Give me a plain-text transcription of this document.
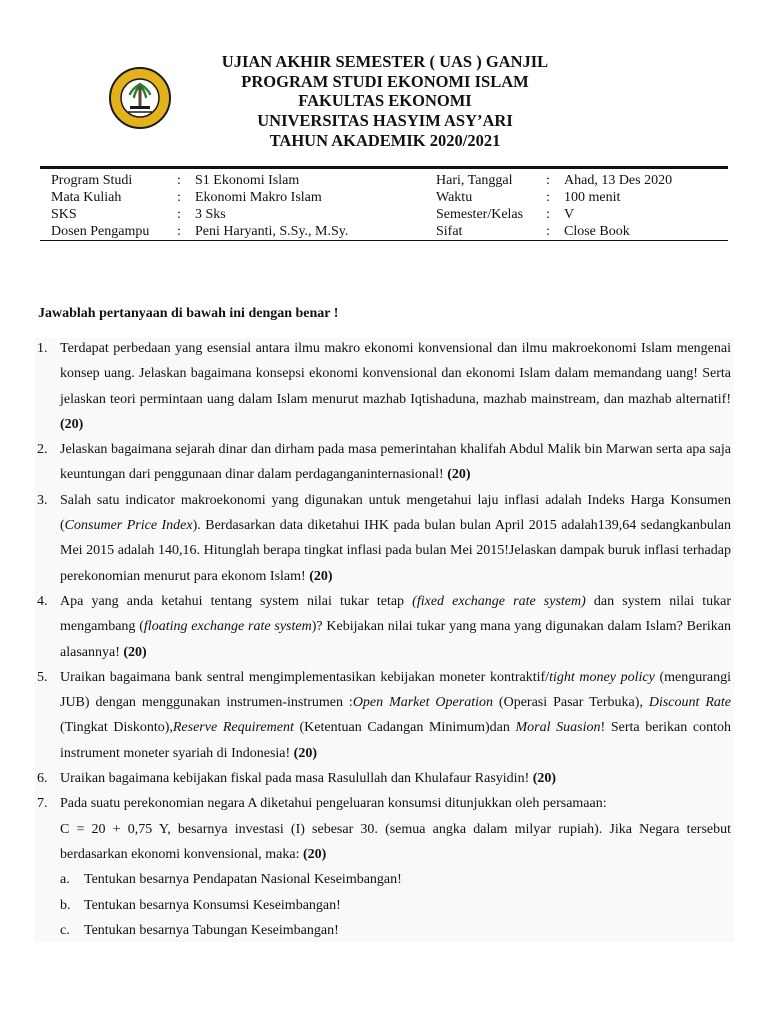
UJIAN AKHIR SEMESTER ( UAS ) GANJIL
PROGRAM STUDI EKONOMI ISLAM
FAKULTAS EKONOMI
UNIVERSITAS HASYIM ASY’ARI
TAHUN AKADEMIK 2020/2021
Program Studi	: S1 Ekonomi Islam	Hari, Tanggal : Ahad, 13 Des 2020
Mata Kuliah	: Ekonomi Makro Islam	Waktu	: 100 menit
SKS	: 3 Sks	Semester/Kelas : V
Dosen Pengampu : Peni Haryanti, S.Sy., M.Sy.	Sifat	: Close Book
Jawablah pertanyaan di bawah ini dengan benar !
1. Terdapat perbedaan yang esensial antara ilmu makro ekonomi konvensional dan ilmu makroekonomi Islam mengenai konsep uang. Jelaskan bagaimana konsepsi ekonomi konvensional dan ekonomi Islam dalam memandang uang! Serta jelaskan teori permintaan uang dalam Islam menurut mazhab Iqtishaduna, mazhab mainstream, dan mazhab alternatif! (20)
2. Jelaskan bagaimana sejarah dinar dan dirham pada masa pemerintahan khalifah Abdul Malik bin Marwan serta apa saja keuntungan dari penggunaan dinar dalam perdaganganinternasional! (20)
3. Salah satu indicator makroekonomi yang digunakan untuk mengetahui laju inflasi adalah Indeks Harga Konsumen (Consumer Price Index). Berdasarkan data diketahui IHK pada bulan bulan April 2015 adalah139,64 sedangkanbulan Mei 2015 adalah 140,16. Hitunglah berapa tingkat inflasi pada bulan Mei 2015!Jelaskan dampak buruk inflasi terhadap perekonomian menurut para ekonom Islam! (20)
4. Apa yang anda ketahui tentang system nilai tukar tetap (fixed exchange rate system) dan system nilai tukar mengambang (floating exchange rate system)? Kebijakan nilai tukar yang mana yang digunakan dalam Islam? Berikan alasannya! (20)
5. Uraikan bagaimana bank sentral mengimplementasikan kebijakan moneter kontraktif/tight money policy (mengurangi JUB) dengan menggunakan instrumen-instrumen :Open Market Operation (Operasi Pasar Terbuka), Discount Rate (Tingkat Diskonto),Reserve Requirement (Ketentuan Cadangan Minimum)dan Moral Suasion! Serta berikan contoh instrument moneter syariah di Indonesia! (20)
6. Uraikan bagaimana kebijakan fiskal pada masa Rasulullah dan Khulafaur Rasyidin! (20)
7. Pada suatu perekonomian negara A diketahui pengeluaran konsumsi ditunjukkan oleh persamaan:
C = 20 + 0,75 Y, besarnya investasi (I) sebesar 30. (semua angka dalam milyar rupiah). Jika Negara tersebut berdasarkan ekonomi konvensional, maka: (20)
a. Tentukan besarnya Pendapatan Nasional Keseimbangan!
b. Tentukan besarnya Konsumsi Keseimbangan!
c. Tentukan besarnya Tabungan Keseimbangan!
